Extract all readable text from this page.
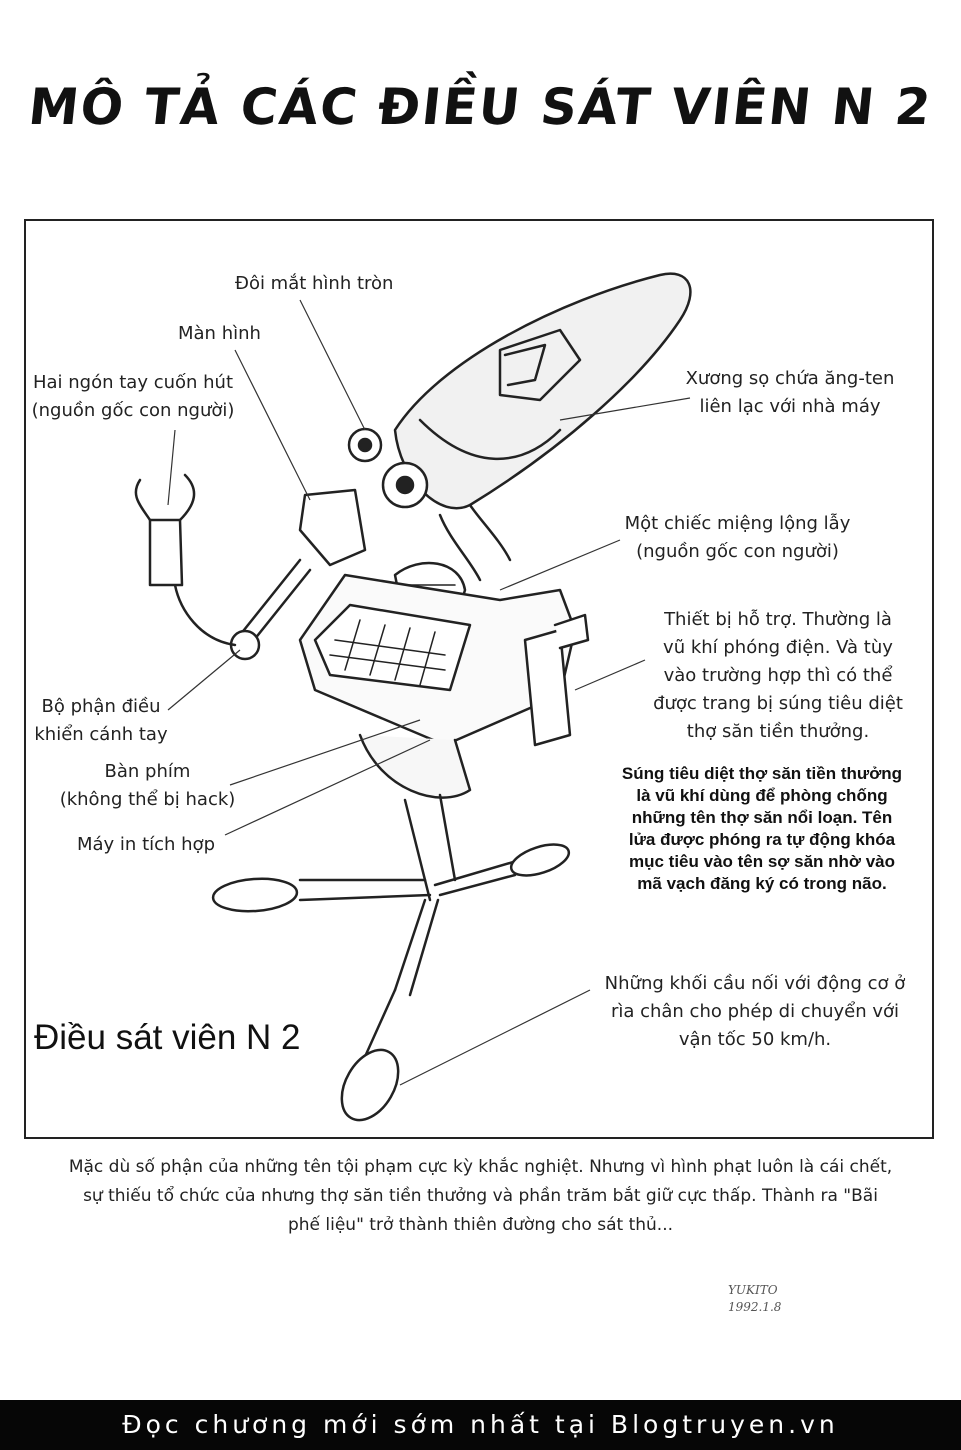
MÔ TẢ CÁC ĐIỀU SÁT VIÊN N 2
Đôi mắt hình tròn
Màn hình
Hai ngón tay cuốn hút
(nguồn gốc con người)
Xương sọ chứa ăng-ten
liên lạc với nhà máy
Một chiếc miệng lộng lẫy
(nguồn gốc con người)
Thiết bị hỗ trợ. Thường là
vũ khí phóng điện. Và tùy
vào trường hợp thì có thể
được trang bị súng tiêu diệt
thợ săn tiền thưởng.
Bộ phận điều
khiển cánh tay
Bàn phím
(không thể bị hack)
Máy in tích hợp
Những khối cầu nối với động cơ ở
rìa chân cho phép di chuyển với
vận tốc 50 km/h.
Súng tiêu diệt thợ săn tiền thưởng
là vũ khí dùng để phòng chống
những tên thợ săn nổi loạn. Tên
lửa được phóng ra tự động khóa
mục tiêu vào tên sợ săn nhờ vào
mã vạch đăng ký có trong não.
Điều sát viên N 2
Mặc dù số phận của những tên tội phạm cực kỳ khắc nghiệt. Nhưng vì hình phạt luôn là cái chết,
sự thiếu tổ chức của nhưng thợ săn tiền thưởng và phần trăm bắt giữ cực thấp. Thành ra "Bãi
phế liệu" trở thành thiên đường cho sát thủ...
YUKITO
1992.1.8
Đọc chương mới sớm nhất tại Blogtruyen.vn
